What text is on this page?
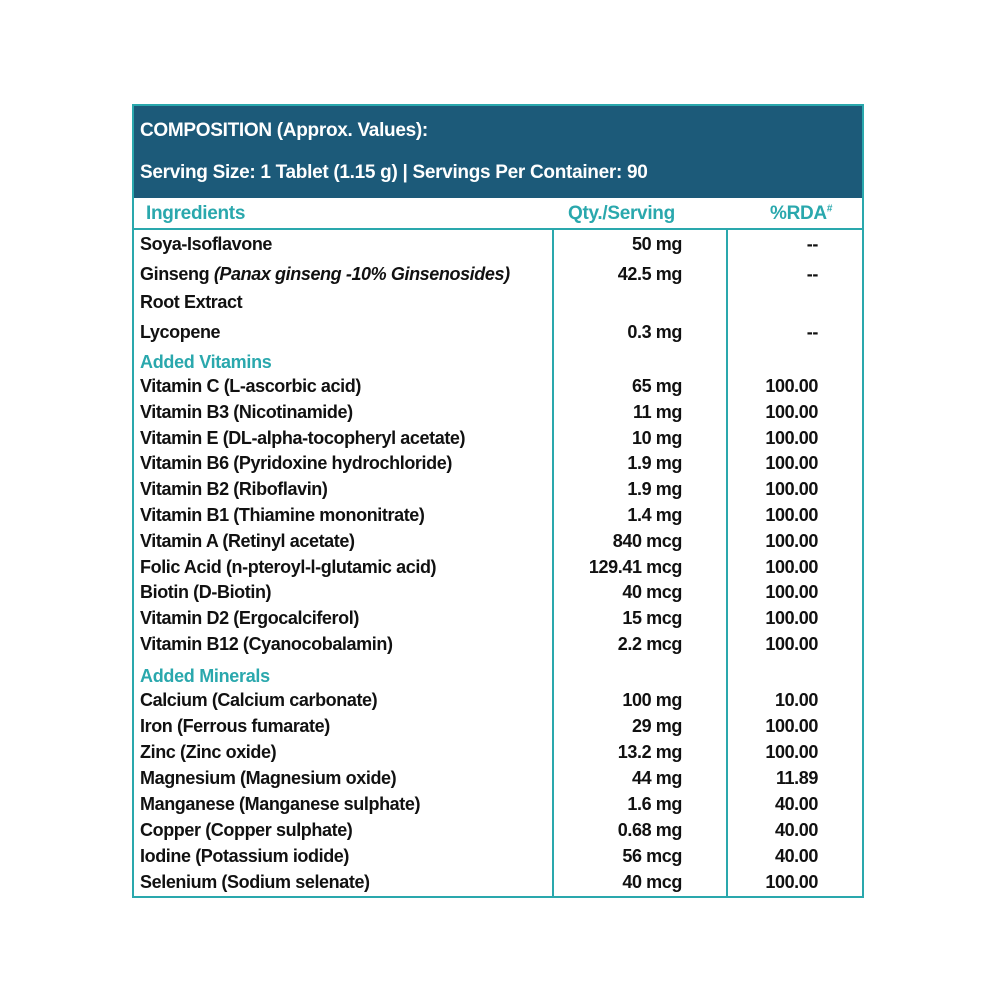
COMPOSITION (Approx. Values):
Serving Size: 1 Tablet (1.15 g) | Servings Per Container: 90
Ingredients	Qty./Serving	%RDA#
Soya-Isoflavone	50 mg	--
Ginseng (Panax ginseng -10% Ginsenosides)	42.5 mg	--
Root Extract
Lycopene	0.3 mg	--
Added Vitamins
Vitamin C (L-ascorbic acid)	65 mg	100.00
Vitamin B3 (Nicotinamide)	11 mg	100.00
Vitamin E (DL-alpha-tocopheryl acetate)	10 mg	100.00
Vitamin B6 (Pyridoxine hydrochloride)	1.9 mg	100.00
Vitamin B2 (Riboflavin)	1.9 mg	100.00
Vitamin B1 (Thiamine mononitrate)	1.4 mg	100.00
Vitamin A (Retinyl acetate)	840 mcg	100.00
Folic Acid (n-pteroyl-l-glutamic acid)	129.41 mcg	100.00
Biotin (D-Biotin)	40 mcg	100.00
Vitamin D2 (Ergocalciferol)	15 mcg	100.00
Vitamin B12 (Cyanocobalamin)	2.2 mcg	100.00
Added Minerals
Calcium (Calcium carbonate)	100 mg	10.00
Iron (Ferrous fumarate)	29 mg	100.00
Zinc (Zinc oxide)	13.2 mg	100.00
Magnesium (Magnesium oxide)	44 mg	11.89
Manganese (Manganese sulphate)	1.6 mg	40.00
Copper (Copper sulphate)	0.68 mg	40.00
Iodine (Potassium iodide)	56 mcg	40.00
Selenium (Sodium selenate)	40 mcg	100.00
